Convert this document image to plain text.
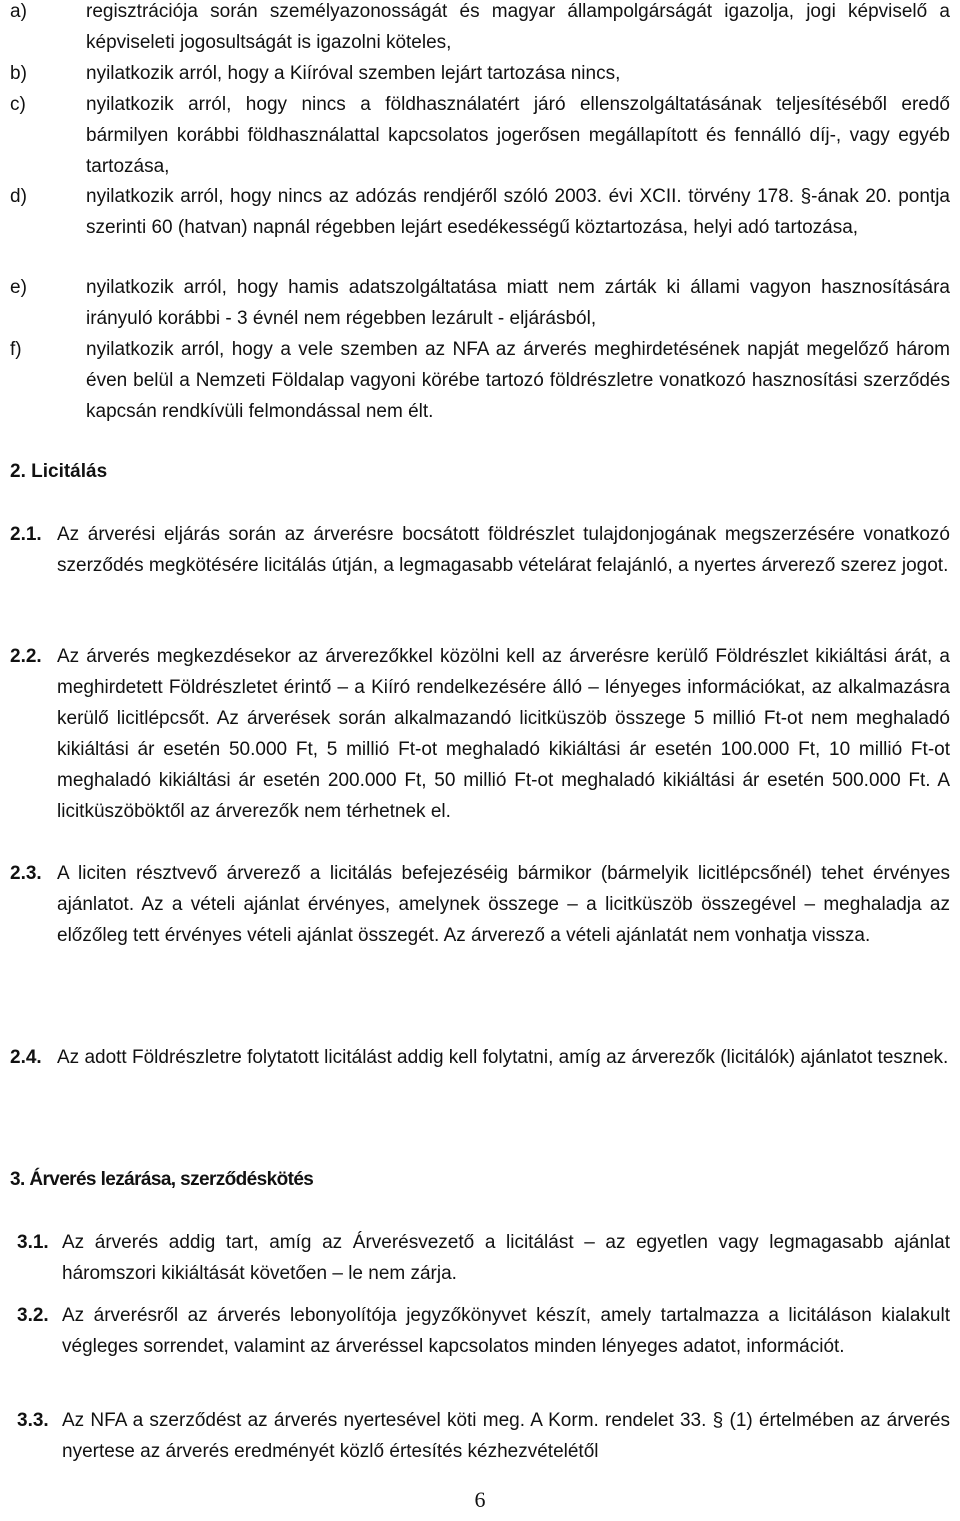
a)	regisztrációja során személyazonosságát és magyar állampolgárságát igazolja, jogi képviselő a képviseleti jogosultságát is igazolni köteles,
b)	nyilatkozik arról, hogy a Kiíróval szemben lejárt tartozása nincs,
c)	nyilatkozik arról, hogy nincs a földhasználatért járó ellenszolgáltatásának teljesítéséből eredő bármilyen korábbi földhasználattal kapcsolatos jogerősen megállapított és fennálló díj-, vagy egyéb tartozása,
d)	nyilatkozik arról, hogy nincs az adózás rendjéről szóló 2003. évi XCII. törvény 178. §-ának 20. pontja szerinti 60 (hatvan) napnál régebben lejárt esedékességű köztartozása, helyi adó tartozása,
e)	nyilatkozik arról, hogy hamis adatszolgáltatása miatt nem zárták ki állami vagyon hasznosítására irányuló korábbi - 3 évnél nem régebben lezárult - eljárásból,
f)	nyilatkozik arról, hogy a vele szemben az NFA az árverés meghirdetésének napját megelőző három éven belül a Nemzeti Földalap vagyoni körébe tartozó földrészletre vonatkozó hasznosítási szerződés kapcsán rendkívüli felmondással nem élt.
2. Licitálás
2.1. Az árverési eljárás során az árverésre bocsátott földrészlet tulajdonjogának megszerzésére vonatkozó szerződés megkötésére licitálás útján, a legmagasabb vételárat felajánló, a nyertes árverező szerez jogot.
2.2. Az árverés megkezdésekor az árverezőkkel közölni kell az árverésre kerülő Földrészlet kikiáltási árát, a meghirdetett Földrészletet érintő – a Kiíró rendelkezésére álló – lényeges információkat, az alkalmazásra kerülő licitlépcsőt. Az árverések során alkalmazandó licitküszöb összege 5 millió Ft-ot nem meghaladó kikiáltási ár esetén 50.000 Ft, 5 millió Ft-ot meghaladó kikiáltási ár esetén 100.000 Ft, 10 millió Ft-ot meghaladó kikiáltási ár esetén 200.000 Ft, 50 millió Ft-ot meghaladó kikiáltási ár esetén 500.000 Ft. A licitküszöböktől az árverezők nem térhetnek el.
2.3. A liciten résztvevő árverező a licitálás befejezéséig bármikor (bármelyik licitlépcsőnél) tehet érvényes ajánlatot. Az a vételi ajánlat érvényes, amelynek összege – a licitküszöb összegével – meghaladja az előzőleg tett érvényes vételi ajánlat összegét. Az árverező a vételi ajánlatát nem vonhatja vissza.
2.4. Az adott Földrészletre folytatott licitálást addig kell folytatni, amíg az árverezők (licitálók) ajánlatot tesznek.
3. Árverés lezárása, szerződéskötés
3.1. Az árverés addig tart, amíg az Árverésvezető a licitálást – az egyetlen vagy legmagasabb ajánlat háromszori kikiáltását követően – le nem zárja.
3.2. Az árverésről az árverés lebonyolítója jegyzőkönyvet készít, amely tartalmazza a licitáláson kialakult végleges sorrendet, valamint az árveréssel kapcsolatos minden lényeges adatot, információt.
3.3. Az NFA a szerződést az árverés nyertesével köti meg. A Korm. rendelet 33. § (1) értelmében az árverés nyertese az árverés eredményét közlő értesítés kézhezvételétől
6
